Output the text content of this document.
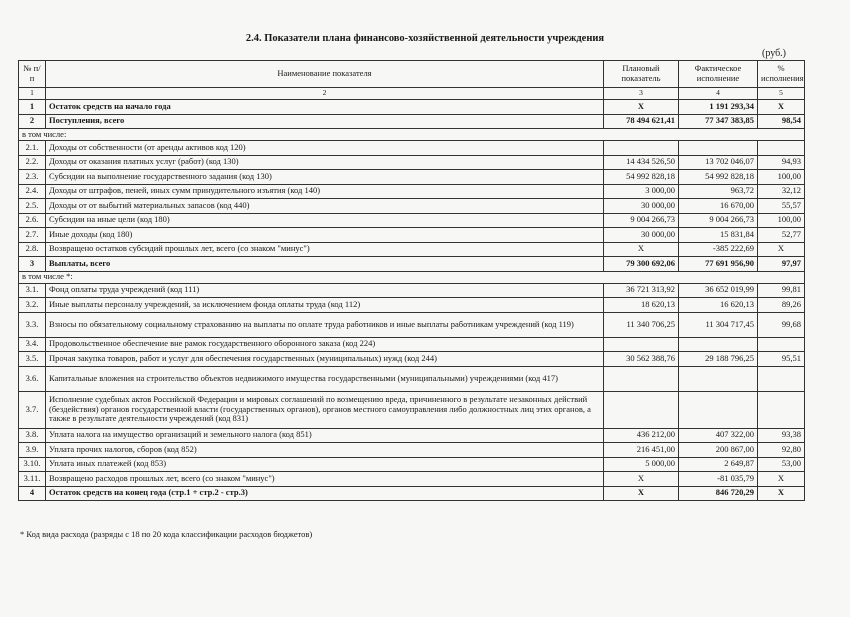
2.4. Показатели плана финансово-хозяйственной деятельности учреждения
(руб.)
№ п/п	Наименование показателя	Плановый показатель	Фактическое исполнение	% исполнения
1	2	3	4	5
1	Остаток средств на начало года	X	1 191 293,34	X
2	Поступления, всего	78 494 621,41	77 347 383,85	98,54
в том числе:				
2.1.	Доходы от собственности (от аренды активов код 120)			
2.2.	Доходы от оказания платных услуг (работ) (код 130)	14 434 526,50	13 702 046,07	94,93
2.3.	Субсидии на выполнение государственного задания (код 130)	54 992 828,18	54 992 828,18	100,00
2.4.	Доходы от штрафов, пеней, иных сумм принудительного изъятия (код 140)	3 000,00	963,72	32,12
2.5.	Доходы от от выбытий материальных запасов (код 440)	30 000,00	16 670,00	55,57
2.6.	Субсидии на иные цели (код 180)	9 004 266,73	9 004 266,73	100,00
2.7.	Иные доходы (код 180)	30 000,00	15 831,84	52,77
2.8.	Возвращено остатков субсидий прошлых лет, всего (со знаком "минус")	X	-385 222,69	X
3	Выплаты, всего	79 300 692,06	77 691 956,90	97,97
в том числе *:				
3.1.	Фонд оплаты труда учреждений (код 111)	36 721 313,92	36 652 019,99	99,81
3.2.	Иные выплаты персоналу учреждений, за исключением фонда оплаты труда (код 112)	18 620,13	16 620,13	89,26
3.3.	Взносы по обязательному социальному страхованию на выплаты по оплате труда работников и иные выплаты работникам учреждений (код 119)	11 340 706,25	11 304 717,45	99,68
3.4.	Продовольственное обеспечение вне рамок государственного оборонного заказа (код 224)			
3.5.	Прочая закупка товаров, работ и услуг для обеспечения государственных (муниципальных) нужд (код 244)	30 562 388,76	29 188 796,25	95,51
3.6.	Капитальные вложения на строительство объектов недвижимого имущества государственными (муниципальными) учреждениями (код 417)			
3.7.	Исполнение судебных актов Российской Федерации и мировых соглашений по возмещению вреда, причиненного в результате незаконных действий (бездействия) органов государственной власти (государственных органов), органов местного самоуправления либо должностных лиц этих органов, а также в результате деятельности учреждений (код 831)			
3.8.	Уплата налога на имущество организаций и земельного налога (код 851)	436 212,00	407 322,00	93,38
3.9.	Уплата прочих налогов, сборов (код 852)	216 451,00	200 867,00	92,80
3.10.	Уплата иных платежей (код 853)	5 000,00	2 649,87	53,00
3.11.	Возвращено расходов прошлых лет, всего (со знаком "минус")	X	-81 035,79	X
4	Остаток средств на конец года (стр.1 + стр.2 - стр.3)	X	846 720,29	X
* Код вида расхода (разряды с 18 по 20 кода классификации расходов бюджетов)
